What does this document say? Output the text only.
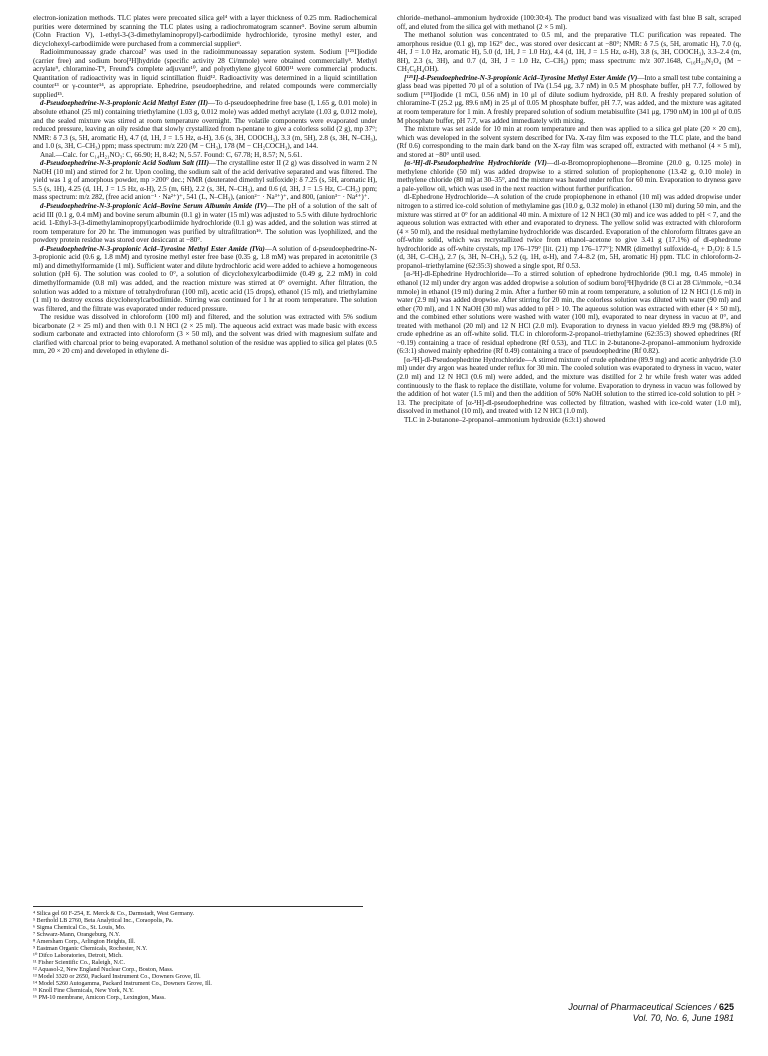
electron-ionization methods. TLC plates were precoated silica gel⁴ with a layer thickness of 0.25 mm. Radiochemical purities were determined by scanning the TLC plates using a radiochromatogram scanner⁵. Bovine serum albumin (Cohn Fraction V), 1-ethyl-3-(3-dimethylaminopropyl)-carbodiimide hydrochloride, tyrosine methyl ester, and dicyclohexyl-carbodiimide were purchased from a commercial supplier⁶.

Radioimmunoassay grade charcoal⁷ was used in the radioimmunoassay separation system. Sodium [¹²⁵I]iodide (carrier free) and sodium boro[³H]hydride (specific activity 28 Ci/mmole) were obtained commercially⁸. Methyl acrylate⁹, chloramine-T⁹, Freund's complete adjuvant¹⁰, and polyethylene glycol 6000¹¹ were commercial products. Quantitation of radioactivity was in liquid scintillation fluid¹². Radioactivity was determined in a liquid scintillation counter¹³ or γ-counter¹⁴, as appropriate. Ephedrine, pseudoephedrine, and related compounds were commercially supplied¹⁵.

d-Pseudoephedrine-N-3-propionic Acid Methyl Ester (II)—To d-pseudoephedrine free base (I, 1.65 g, 0.01 mole) in absolute ethanol (25 ml) containing triethylamine (1.03 g, 0.012 mole) was added methyl acrylate (1.03 g, 0.012 mole), and the sealed mixture was stirred at room temperature overnight. The volatile components were evaporated under reduced pressure, leaving an oily residue that slowly crystallized from n-pentane to give a colorless solid (2 g), mp 37°; NMR: δ 7.3 (s, 5H, aromatic H), 4.7 (d, 1H, J = 1.5 Hz, α-H), 3.6 (s, 3H, COOCH₃), 3.3 (m, 5H), 2.8 (s, 3H, N–CH₃), and 1.0 (s, 3H, C–CH₃) ppm; mass spectrum: m/z 220 (M − CH₃), 178 (M − CH₂COCH₃), and 144.

Anal.—Calc. for C₁₄H₂₁NO₃: C, 66.90; H, 8.42; N, 5.57. Found: C, 67.78; H, 8.57; N, 5.61.

d-Pseudoephedrine-N-3-propionic Acid Sodium Salt (III)—The crystalline ester II (2 g) was dissolved in warm 2 N NaOH (10 ml) and stirred for 2 hr. Upon cooling, the sodium salt of the acid derivative separated and was filtered. The yield was 1 g of amorphous powder, mp >200° dec.; NMR (deuterated dimethyl sulfoxide): δ 7.25 (s, 5H, aromatic H), 5.5 (s, 1H), 4.25 (d, 1H, J = 1.5 Hz, α-H), 2.5 (m, 6H), 2.2 (s, 3H, N–CH₃), and 0.6 (d, 3H, J = 1.5 Hz, C–CH₃) ppm; mass spectrum: m/z 282, (free acid anion⁻¹ · Na²⁺)⁺, 541 (L, N–CH₃), (anion²⁻ · Na³⁺)⁺, and 800, (anion³⁻ · Na⁴⁺)⁺.

d-Pseudoephedrine-N-3-propionic Acid–Bovine Serum Albumin Amide (IV)—The pH of a solution of the salt of acid III (0.1 g, 0.4 mM) and bovine serum albumin (0.1 g) in water (15 ml) was adjusted to 5.5 with dilute hydrochloric acid. 1-Ethyl-3-(3-dimethylaminopropyl)carbodiimide hydrochloride (0.1 g) was added, and the solution was stirred at room temperature for 20 hr. The immunogen was purified by ultrafiltration¹⁶. The solution was lyophilized, and the powdery protein residue was stored over desiccant at −80°.

d-Pseudoephedrine-N-3-propionic Acid–Tyrosine Methyl Ester Amide (IVa)—A solution of d-pseudoephedrine-N-3-propionic acid (0.6 g, 1.8 mM) and tyrosine methyl ester free base (0.35 g, 1.8 mM) was prepared in acetonitrile (3 ml) and dimethylformamide (1 ml). Sufficient water and dilute hydrochloric acid were added to achieve a homogeneous solution (pH 6). The solution was cooled to 0°, a solution of dicyclohexylcarbodiimide (0.49 g, 2.2 mM) in cold dimethylformamide (0.8 ml) was added, and the reaction mixture was stirred at 0° overnight. After filtration, the solution was added to a mixture of tetrahydrofuran (100 ml), acetic acid (15 drops), ethanol (15 ml), and triethylamine (1 ml) to destroy excess dicyclohexylcarbodiimide. Stirring was continued for 1 hr at room temperature. The solution was filtered, and the filtrate was evaporated under reduced pressure.

The residue was dissolved in chloroform (100 ml) and filtered, and the solution was extracted with 5% sodium bicarbonate (2 × 25 ml) and then with 0.1 N HCl (2 × 25 ml). The aqueous acid extract was made basic with excess sodium carbonate and extracted into chloroform (3 × 50 ml), and the solvent was dried with magnesium sulfate and clarified with charcoal prior to being evaporated. A methanol solution of the residue was applied to silica gel plates (0.5 mm, 20 × 20 cm) and developed in ethylene di-

chloride–methanol–ammonium hydroxide (100:30:4). The product band was visualized with fast blue B salt, scraped off, and eluted from the silica gel with methanol (2 × 5 ml).

The methanol solution was concentrated to 0.5 ml, and the preparative TLC purification was repeated. The amorphous residue (0.1 g), mp 162° dec., was stored over desiccant at −80°; NMR: δ 7.5 (s, 5H, aromatic H), 7.0 (q, 4H, J = 1.0 Hz, aromatic H), 5.0 (d, 1H, J = 1.0 Hz), 4.4 (d, 1H, J = 1.5 Hz, α-H), 3.8 (s, 3H, COOCH₃), 3.3–2.4 (m, 8H), 2.3 (s, 3H), and 0.7 (d, 3H, J = 1.0 Hz, C–CH₃) ppm; mass spectrum: m/z 307.1648, C₁₆H₂₃N₂O₄ (M − CH₂C₆H₄OH).

[¹²⁵I]-d-Pseudoephedrine-N-3-propionic Acid–Tyrosine Methyl Ester Amide (V)—Into a small test tube containing a glass bead was pipetted 70 μl of a solution of IVa (1.54 μg, 3.7 nM) in 0.5 M phosphate buffer, pH 7.7, followed by sodium [¹²⁵I]iodide (1 mCi, 0.56 nM) in 10 μl of dilute sodium hydroxide, pH 8.0. A freshly prepared solution of chloramine-T (25.2 μg, 89.6 nM) in 25 μl of 0.05 M phosphate buffer, pH 7.7, was added, and the mixture was agitated at room temperature for 1 min. A freshly prepared solution of sodium metabisulfite (341 μg, 1790 nM) in 100 μl of 0.05 M phosphate buffer, pH 7.7, was added immediately with mixing.

The mixture was set aside for 10 min at room temperature and then was applied to a silica gel plate (20 × 20 cm), which was developed in the solvent system described for IVa. X-ray film was exposed to the TLC plate, and the band (Rf 0.6) corresponding to the main dark band on the X-ray film was scraped off, extracted with methanol (4 × 5 ml), and stored at −80° until used.

[α-³H]-dl-Pseudoephedrine Hydrochloride (VI)—dl-α-Bromopropiophenone—Bromine (20.0 g, 0.125 mole) in methylene chloride (50 ml) was added dropwise to a stirred solution of propiophenone (13.42 g, 0.10 mole) in methylene chloride (80 ml) at 30–35°, and the mixture was heated under reflux for 60 min. Evaporation to dryness gave a pale-yellow oil, which was used in the next reaction without further purification.

dl-Ephedrone Hydrochloride—A solution of the crude propiophenone in ethanol (10 ml) was added dropwise under nitrogen to a stirred ice-cold solution of methylamine gas (10.0 g, 0.32 mole) in ethanol (130 ml) during 50 min, and the mixture was stirred at 0° for an additional 40 min. A mixture of 12 N HCl (30 ml) and ice was added to pH < 7, and the aqueous solution was extracted with ether and evaporated to dryness. The yellow solid was extracted with chloroform (4 × 50 ml), and the residual methylamine hydrochloride was discarded. Evaporation of the chloroform filtrates gave an off-white solid, which was recrystallized twice from ethanol–acetone to give 3.41 g (17.1%) of dl-ephedrone hydrochloride as off-white crystals, mp 176–179° [lit. (21) mp 176–177°]; NMR (dimethyl sulfoxide-d₆ + D₂O): δ 1.5 (d, 3H, C–CH₃), 2.7 (s, 3H, N–CH₃), 5.2 (q, 1H, α-H), and 7.4–8.2 (m, 5H, aromatic H) ppm. TLC in chloroform-2-propanol–triethylamine (62:35:3) showed a single spot, Rf 0.53.

[α-³H]-dl-Ephedrine Hydrochloride—To a stirred solution of ephedrone hydrochloride (90.1 mg, 0.45 mmole) in ethanol (12 ml) under dry argon was added dropwise a solution of sodium boro[³H]hydride (8 Ci at 28 Ci/mmole, ~0.34 mmole) in ethanol (19 ml) during 2 min. After a further 60 min at room temperature, a solution of 12 N HCl (1.6 ml) in water (2.9 ml) was added dropwise. After stirring for 20 min, the colorless solution was diluted with water (90 ml) and ether (70 ml), and 1 N NaOH (30 ml) was added to pH > 10. The aqueous solution was extracted with ether (4 × 50 ml), and the combined ether solutions were washed with water (100 ml), evaporated to near dryness in vacuo at 0°, and treated with methanol (20 ml) and 12 N HCl (2.0 ml). Evaporation to dryness in vacuo yielded 89.9 mg (98.8%) of crude ephedrine as an off-white solid. TLC in chloroform-2-propanol–triethylamine (62:35:3) showed ephedrines (Rf ~0.19) containing a trace of residual ephedrone (Rf 0.53), and TLC in 2-butanone-2-propanol–ammonium hydroxide (6:3:1) showed mainly ephedrine (Rf 0.49) containing a trace of pseudoephedrine (Rf 0.82).

[α-³H]-dl-Pseudoephedrine Hydrochloride—A stirred mixture of crude ephedrine (89.9 mg) and acetic anhydride (3.0 ml) under dry argon was heated under reflux for 30 min. The cooled solution was evaporated to dryness in vacuo, water (2.0 ml) and 12 N HCl (0.6 ml) were added, and the mixture was distilled for 2 hr while fresh water was added continuously to the flask to replace the distillate, volume for volume. Evaporation to dryness in vacuo was followed by the addition of hot water (1.5 ml) and then the addition of 50% NaOH solution to the stirred ice-cold solution to pH > 13. The precipitate of [α-³H]-dl-pseudoephedrine was collected by filtration, washed with ice-cold water (1.0 ml), dissolved in methanol (10 ml), and treated with 12 N HCl (1.0 ml).

TLC in 2-butanone–2-propanol–ammonium hydroxide (6:3:1) showed

⁴ Silica gel 60 F-254, E. Merck & Co., Darmstadt, West Germany.
⁵ Berthold LB 2760, Beta Analytical Inc., Coraopolis, Pa.
⁶ Sigma Chemical Co., St. Louis, Mo.
⁷ Schwarz-Mann, Orangeburg, N.Y.
⁸ Amersham Corp., Arlington Heights, Ill.
⁹ Eastman Organic Chemicals, Rochester, N.Y.
¹⁰ Difco Laboratories, Detroit, Mich.
¹¹ Fisher Scientific Co., Raleigh, N.C.
¹² Aquasol-2, New England Nuclear Corp., Boston, Mass.
¹³ Model 3320 or 2650, Packard Instrument Co., Downers Grove, Ill.
¹⁴ Model 5260 Autogamma, Packard Instrument Co., Downers Grove, Ill.
¹⁵ Knoll Fine Chemicals, New York, N.Y.
¹⁶ PM-10 membrane, Amicon Corp., Lexington, Mass.
Journal of Pharmaceutical Sciences / 625
Vol. 70, No. 6, June 1981
